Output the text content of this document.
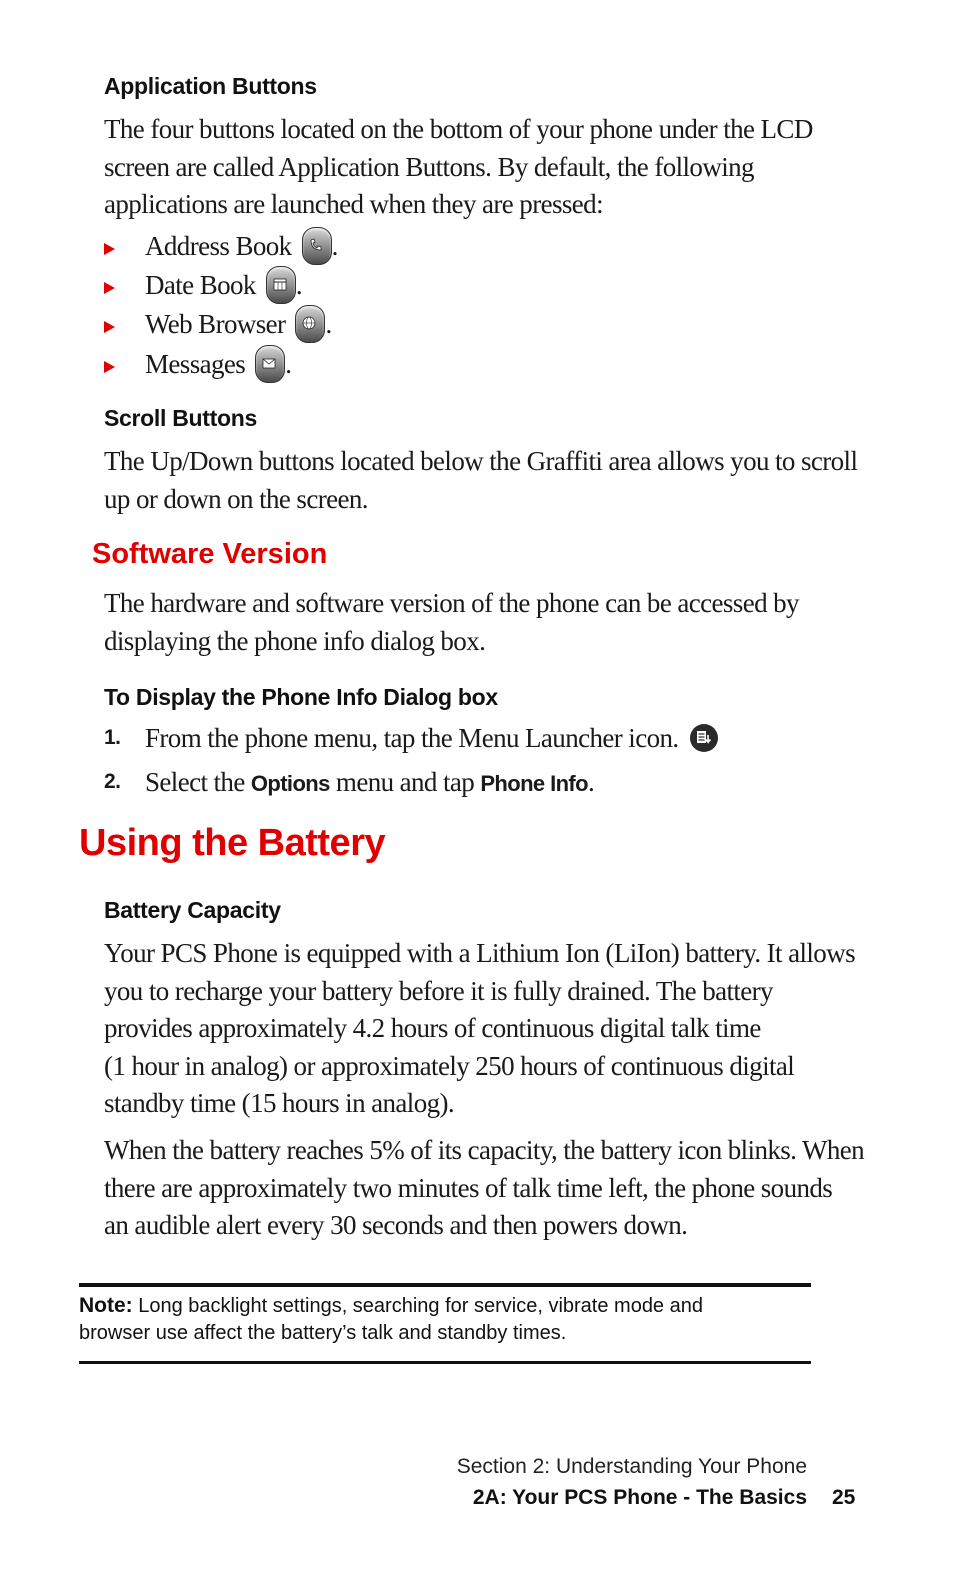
Application Buttons
The four buttons located on the bottom of your phone under the LCD
screen are called Application Buttons. By default, the following
applications are launched when they are pressed:
Address Book .
Date Book .
Web Browser .
Messages .
Scroll Buttons
The Up/Down buttons located below the Graffiti area allows you to scroll
up or down on the screen.
Software Version
The hardware and software version of the phone can be accessed by
displaying the phone info dialog box.
To Display the Phone Info Dialog box
1. From the phone menu, tap the Menu Launcher icon.
2. Select the Options menu and tap Phone Info.
Using the Battery
Battery Capacity
Your PCS Phone is equipped with a Lithium Ion (LiIon) battery. It allows
you to recharge your battery before it is fully drained. The battery
provides approximately 4.2 hours of continuous digital talk time
(1 hour in analog) or approximately 250 hours of continuous digital
standby time (15 hours in analog).
When the battery reaches 5% of its capacity, the battery icon blinks. When
there are approximately two minutes of talk time left, the phone sounds
an audible alert every 30 seconds and then powers down.
Note: Long backlight settings, searching for service, vibrate mode and
browser use affect the battery’s talk and standby times.
Section 2: Understanding Your Phone
2A: Your PCS Phone - The Basics 25
